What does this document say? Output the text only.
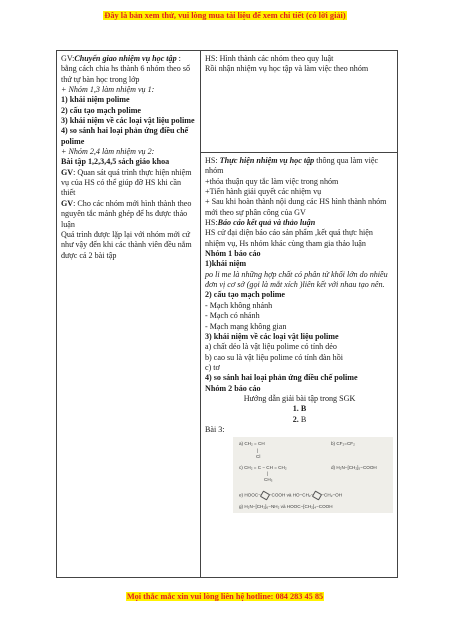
Đây là bản xem thử, vui lòng mua tài liệu để xem chi tiết (có lời giải)
GV:Chuyển giao nhiệm vụ học tập :
bằng cách chia hs thành 6 nhóm theo số thứ tự bàn học trong lớp
+ Nhóm 1,3 làm nhiệm vụ 1:
1) khái niệm polime
2) cấu tạo mạch polime
3) khái niệm về các loại vật liệu polime
4) so sánh hai loại phản ứng điều chế polime
+ Nhóm 2,4 làm nhiệm vụ 2:
Bài tập 1,2,3,4,5 sách giáo khoa
GV: Quan sát quá trình thực hiện nhiệm vụ của HS có thể giúp đỡ HS khi cần thiết
GV: Cho các nhóm mới hình thành theo nguyên tắc mảnh ghép để hs được thảo luận
Quá trình được lặp lại với nhóm mới cứ như vậy đến khi các thành viên đều nắm được cả 2 bài tập

HS: Hình thành các nhóm theo quy luật
Rồi nhận nhiệm vụ học tập và làm việc theo nhóm

HS: Thực hiện nhiệm vụ học tập thông qua làm việc nhóm
+thỏa thuận quy tắc làm việc trong nhóm
+Tiến hành giải quyết các nhiệm vụ
+ Sau khi hoàn thành nội dung các HS hình thành nhóm mới theo sự phân công của GV
HS:Báo cáo kết quả và thảo luận
HS cử đại diện báo cáo sản phẩm ,kết quả thực hiện nhiệm vụ, Hs nhóm khác cùng tham gia thảo luận
Nhóm 1 báo cáo
1)khái niệm
po li me là những hợp chất có phân tử khối lớn do nhiều đơn vị cơ sở (gọi là mắt xích )liên kết với nhau tạo nên.
2) cấu tạo mạch polime
- Mạch không nhánh
- Mạch có nhánh
- Mạch mạng không gian
3) khái niệm về các loại vật liệu polime
a) chất dẻo là vật liệu polime có tính dẻo
b) cao su là vật liệu polime có tính đàn hồi
c) tơ
4) so sánh hai loại phản ứng điều chế polime
Nhóm 2 báo cáo
Hướng dẫn giải bài tập trong SGK
1. B
2. B
Bài 3:
a) CH₂ = CH
|
Cl
b) CF₂=CF₂
c) CH₂ = C − CH = CH₂
|
CH₃
d) H₂N−[CH₂]₅−COOH
e) HOOC− −COOH và HO−CH₂− −CH₂−OH
g) H₂N−[CH₂]₆−NH₂ và HOOC−[CH₂]₄−COOH
Mọi thắc mắc xin vui lòng liên hệ hotline: 084 283 45 85
